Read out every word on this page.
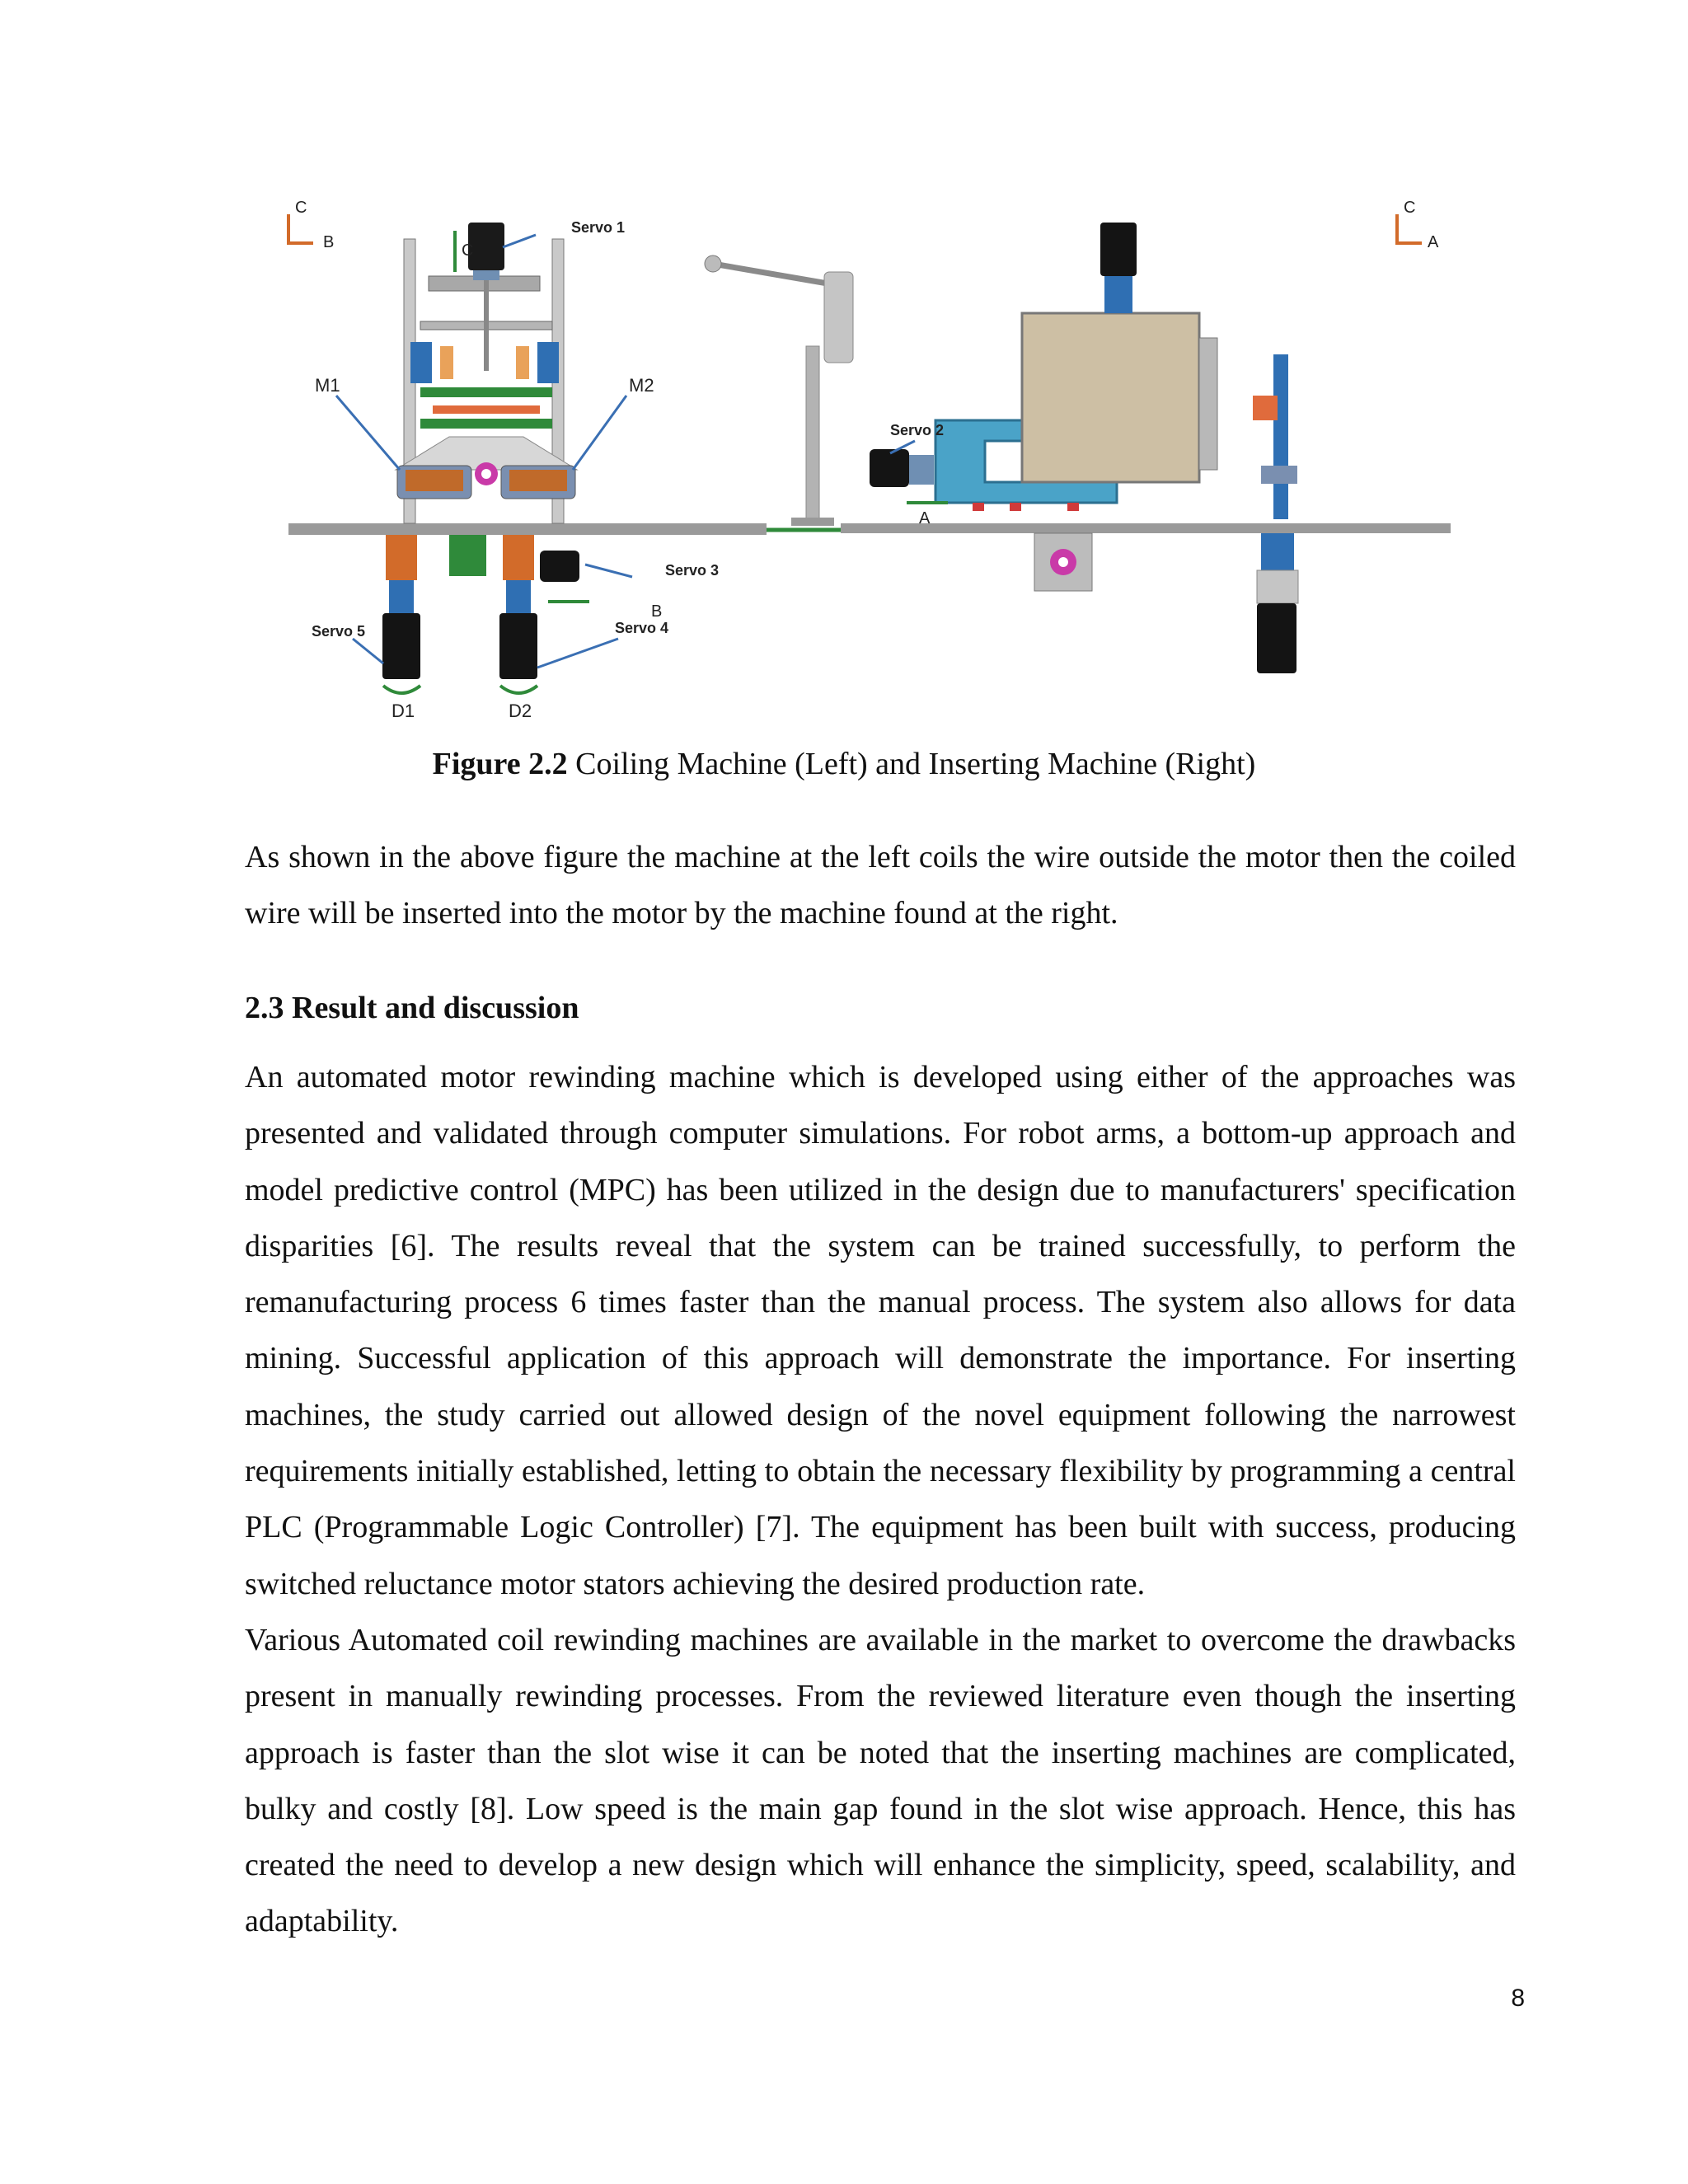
Servo 1
M1	M2
Servo 3
Servo 5	Servo 4
D1	D2
C
B	C
B
Servo 2
A
C
A
Figure 2.2 Coiling Machine (Left) and Inserting Machine (Right)

As shown in the above figure the machine at the left coils the wire outside the motor then the coiled wire will be inserted into the motor by the machine found at the right.

2.3 Result and discussion

An automated motor rewinding machine which is developed using either of the approaches was presented and validated through computer simulations. For robot arms, a bottom-up approach and model predictive control (MPC) has been utilized in the design due to manufacturers' specification disparities [6]. The results reveal that the system can be trained successfully, to perform the remanufacturing process 6 times faster than the manual process. The system also allows for data mining. Successful application of this approach will demonstrate the importance. For inserting machines, the study carried out allowed design of the novel equipment following the narrowest requirements initially established, letting to obtain the necessary flexibility by programming a central PLC (Programmable Logic Controller) [7]. The equipment has been built with success, producing switched reluctance motor stators achieving the desired production rate.

Various Automated coil rewinding machines are available in the market to overcome the drawbacks present in manually rewinding processes. From the reviewed literature even though the inserting approach is faster than the slot wise it can be noted that the inserting machines are complicated, bulky and costly [8]. Low speed is the main gap found in the slot wise approach. Hence, this has created the need to develop a new design which will enhance the simplicity, speed, scalability, and adaptability.

8
